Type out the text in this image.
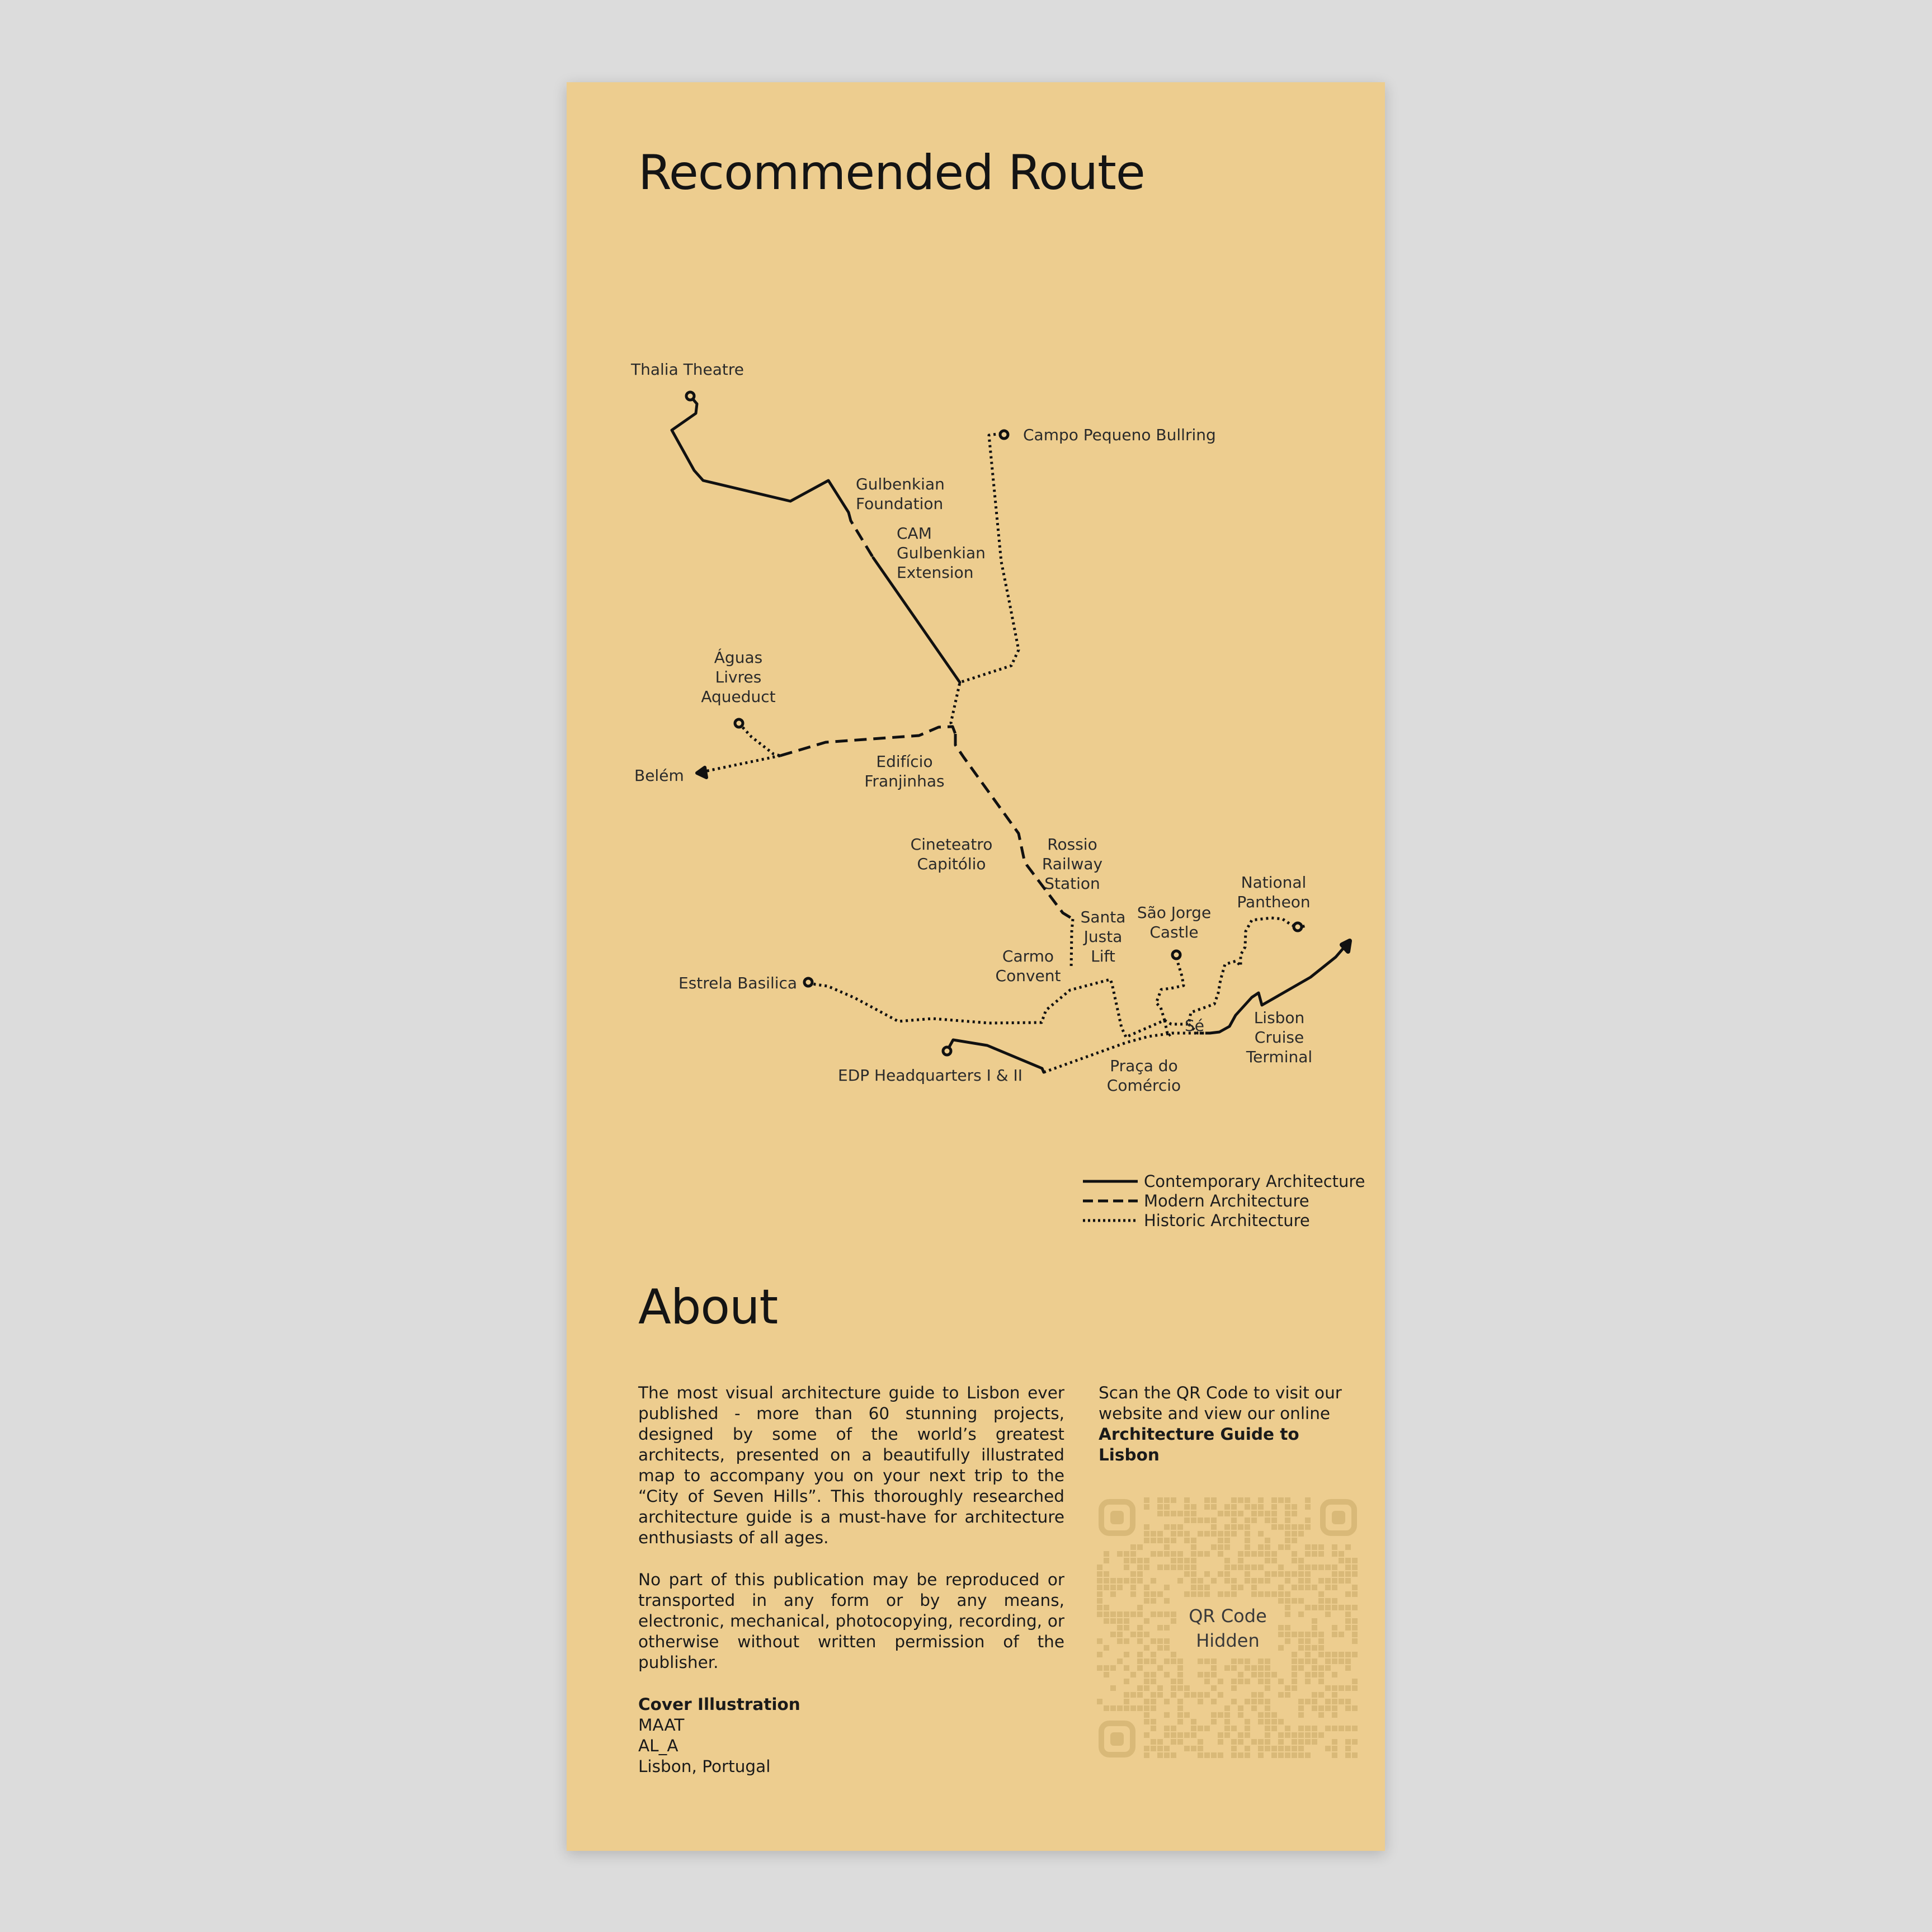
Recommended Route
Thalia Theatre
Campo Pequeno Bullring
Gulbenkian
Foundation
CAM
Gulbenkian
Extension
Águas
Livres
Aqueduct
Edifício
Franjinhas
Cineteatro
Capitólio
Rossio
Railway
Station	National
Pantheon
Santa
Justa
Lift
São Jorge
Castle
Carmo
Convent
Lisbon
Cruise
Terminal
Praça do
Comércio
Belém
Estrela Basilica
Sé
EDP Headquarters I & II
Contemporary Architecture
Modern Architecture
Historic Architecture
About

The most visual architecture guide to Lisbon ever published - more than 60 stunning projects, designed by some of the world’s greatest architects, presented on a beautifully illustrated map to accompany you on your next trip to the “City of Seven Hills”. This thoroughly researched architecture guide is a must-have for architecture enthusiasts of all ages.

No part of this publication may be reproduced or transported in any form or by any means, electronic, mechanical, photocopying, recording, or otherwise without written permission of the publisher.

Cover Illustration
MAAT
AL_A
Lisbon, Portugal
Scan the QR Code to visit our website and view our online
Architecture Guide to Lisbon
QR Code
Hidden
